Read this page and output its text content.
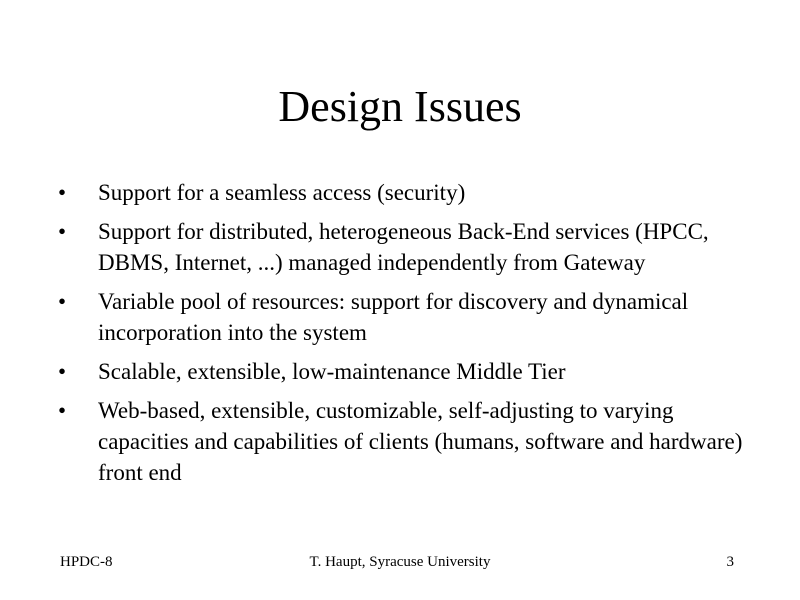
Design Issues
•	Support for a seamless access (security)
•	Support for distributed, heterogeneous Back-End services (HPCC, DBMS, Internet, ...) managed independently from Gateway
•	Variable pool of resources: support for discovery and dynamical incorporation into the system
•	Scalable, extensible, low-maintenance Middle Tier
•	Web-based, extensible, customizable, self-adjusting to varying capacities and capabilities of clients (humans, software and hardware) front end
T. Haupt, Syracuse University
HPDC-8	3
